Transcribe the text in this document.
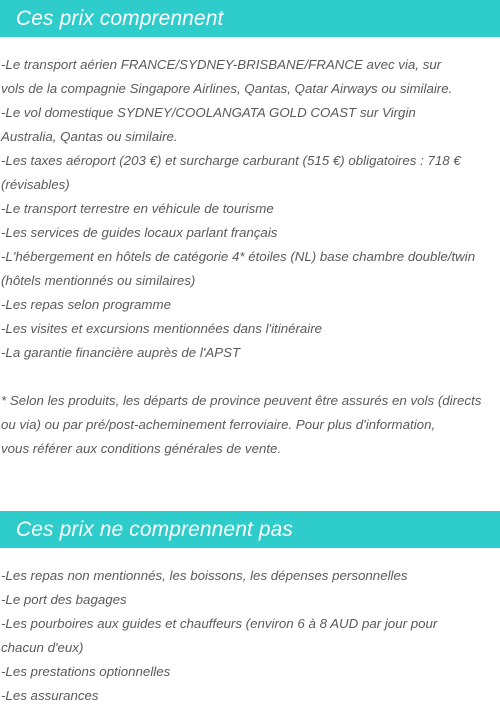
Ces prix comprennent

-Le transport aérien FRANCE/SYDNEY-BRISBANE/FRANCE avec via, sur

vols de la compagnie Singapore Airlines, Qantas, Qatar Airways ou similaire.

-Le vol domestique SYDNEY/COOLANGATA GOLD COAST sur Virgin

Australia, Qantas ou similaire.

-Les taxes aéroport (203 €) et surcharge carburant (515 €) obligatoires : 718 €

(révisables)

-Le transport terrestre en véhicule de tourisme

-Les services de guides locaux parlant français

-L'hébergement en hôtels de catégorie 4* étoiles (NL) base chambre double/twin

(hôtels mentionnés ou similaires)

-Les repas selon programme

-Les visites et excursions mentionnées dans l'itinéraire

-La garantie financière auprès de l'APST

* Selon les produits, les départs de province peuvent être assurés en vols (directs

ou via) ou par pré/post-acheminement ferroviaire. Pour plus d'information,

vous référer aux conditions générales de vente.

Ces prix ne comprennent pas

-Les repas non mentionnés, les boissons, les dépenses personnelles

-Le port des bagages

-Les pourboires aux guides et chauffeurs (environ 6 à 8 AUD par jour pour

chacun d'eux)

-Les prestations optionnelles

-Les assurances
